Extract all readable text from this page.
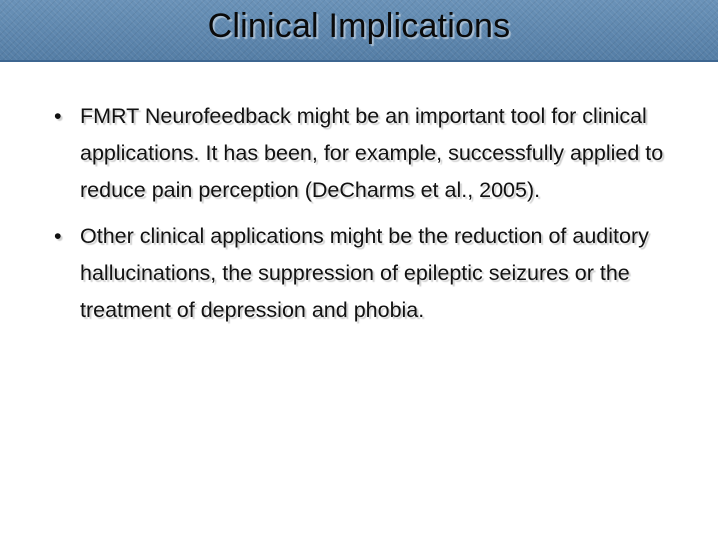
Clinical Implications
• FMRT Neurofeedback might be an important tool for clinical applications. It has been, for example, successfully applied to reduce pain perception (DeCharms et al., 2005).
• Other clinical applications might be the reduction of auditory hallucinations, the suppression of epileptic seizures or the treatment of depression and phobia.
